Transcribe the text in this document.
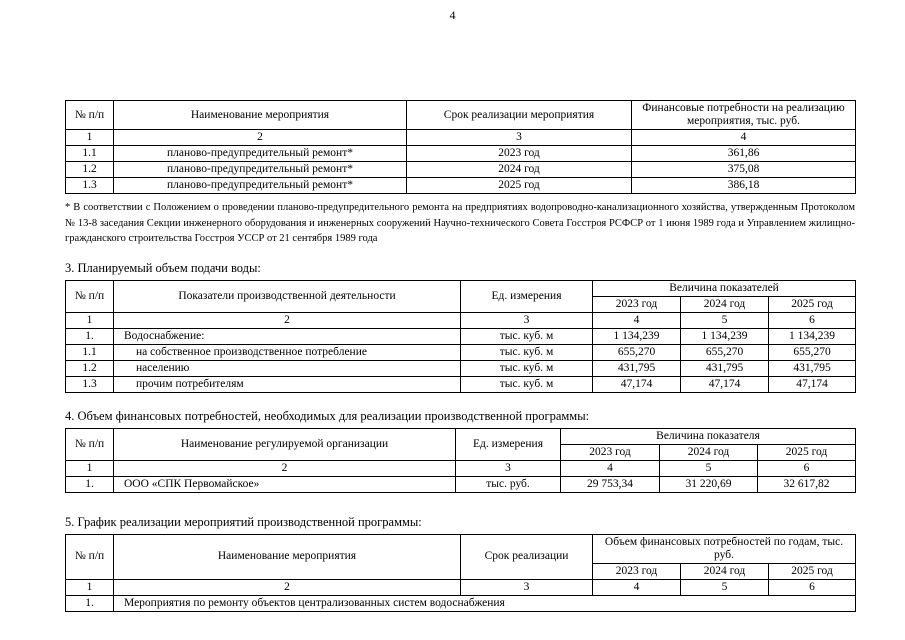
4
№ п/п	Наименование мероприятия	Срок реализации мероприятия	Финансовые потребности на реализацию мероприятия, тыс. руб.
1	2	3	4
1.1	планово-предупредительный ремонт*	2023 год	361,86
1.2	планово-предупредительный ремонт*	2024 год	375,08
1.3	планово-предупредительный ремонт*	2025 год	386,18

* В соответствии с Положением о проведении планово-предупредительного ремонта на предприятиях водопроводно-канализационного хозяйства, утвержденным Протоколом № 13-8 заседания Секции инженерного оборудования и инженерных сооружений Научно-технического Совета Госстроя РСФСР от 1 июня 1989 года и Управлением жилищно-гражданского строительства Госстроя УССР от 21 сентября 1989 года

3. Планируемый объем подачи воды:
№ п/п	Показатели производственной деятельности	Ед. измерения	Величина показателей		
			2023 год	2024 год	2025 год
1	2	3	4	5	6
1.	Водоснабжение:	тыс. куб. м	1 134,239	1 134,239	1 134,239
1.1	на собственное производственное потребление	тыс. куб. м	655,270	655,270	655,270
1.2	населению	тыс. куб. м	431,795	431,795	431,795
1.3	прочим потребителям	тыс. куб. м	47,174	47,174	47,174
4. Объем финансовых потребностей, необходимых для реализации производственной программы:
№ п/п	Наименование регулируемой организации	Ед. измерения	Величина показателя		
			2023 год	2024 год	2025 год
1	2	3	4	5	6
1.	ООО «СПК Первомайское»	тыс. руб.	29 753,34	31 220,69	32 617,82
5. График реализации мероприятий производственной программы:
№ п/п	Наименование мероприятия	Срок реализации	Объем финансовых потребностей по годам, тыс. руб.		
			2023 год	2024 год	2025 год
1	2	3	4	5	6
1.	Мероприятия по ремонту объектов централизованных систем водоснабжения				
